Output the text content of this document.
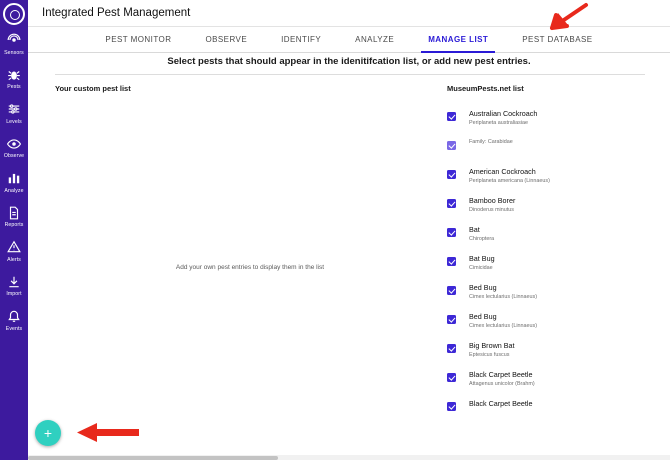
Sensors
Pests
Levels
Observe
Analyze
Reports
Alerts
Import
Events
Integrated Pest Management
PEST MONITOR	OBSERVE	IDENTIFY	ANALYZE	MANAGE LIST	PEST DATABASE
Select pests that should appear in the idenitifcation list, or add new pest entries.
Your custom pest list	MuseumPests.net list
Add your own pest entries to display them in the list
Australian Cockroach
Periplaneta australiasiae
Family: Carabidae
American Cockroach
Periplaneta americana (Linnaeus)
Bamboo Borer
Dinoderus minutus
Bat
Chiroptera
Bat Bug
Cimicidae
Bed Bug
Cimex lectularius (Linnaeus)
Bed Bug
Cimex lectularius (Linnaeus)
Big Brown Bat
Eptesicus fuscus
Black Carpet Beetle
Attagenus unicolor (Brahm)
Black Carpet Beetle
+
